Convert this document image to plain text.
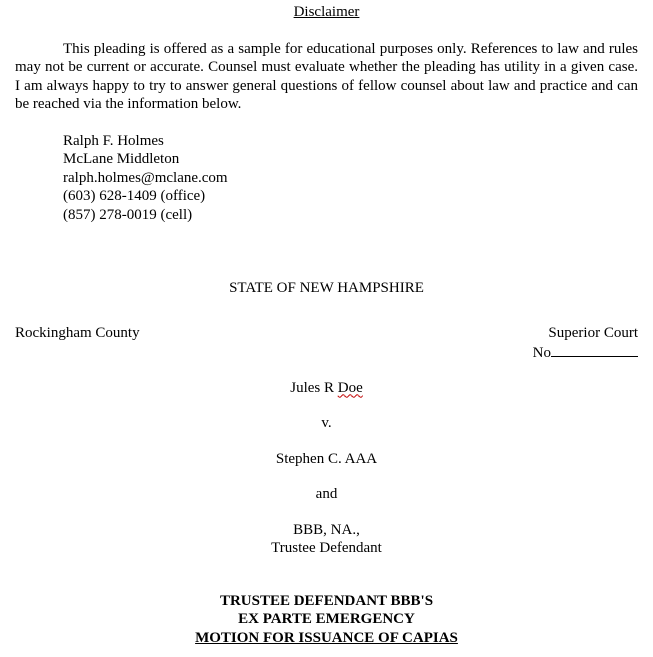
Disclaimer
This pleading is offered as a sample for educational purposes only. References to law and rules may not be current or accurate. Counsel must evaluate whether the pleading has utility in a given case. I am always happy to try to answer general questions of fellow counsel about law and practice and can be reached via the information below.
Ralph F. Holmes
McLane Middleton
ralph.holmes@mclane.com
(603) 628-1409 (office)
(857) 278-0019 (cell)
STATE OF NEW HAMPSHIRE
Rockingham County	Superior Court
No
Jules R Doe
v.
Stephen C. AAA
and
BBB, NA.,
Trustee Defendant
TRUSTEE DEFENDANT BBB'S
EX PARTE EMERGENCY
MOTION FOR ISSUANCE OF CAPIAS
